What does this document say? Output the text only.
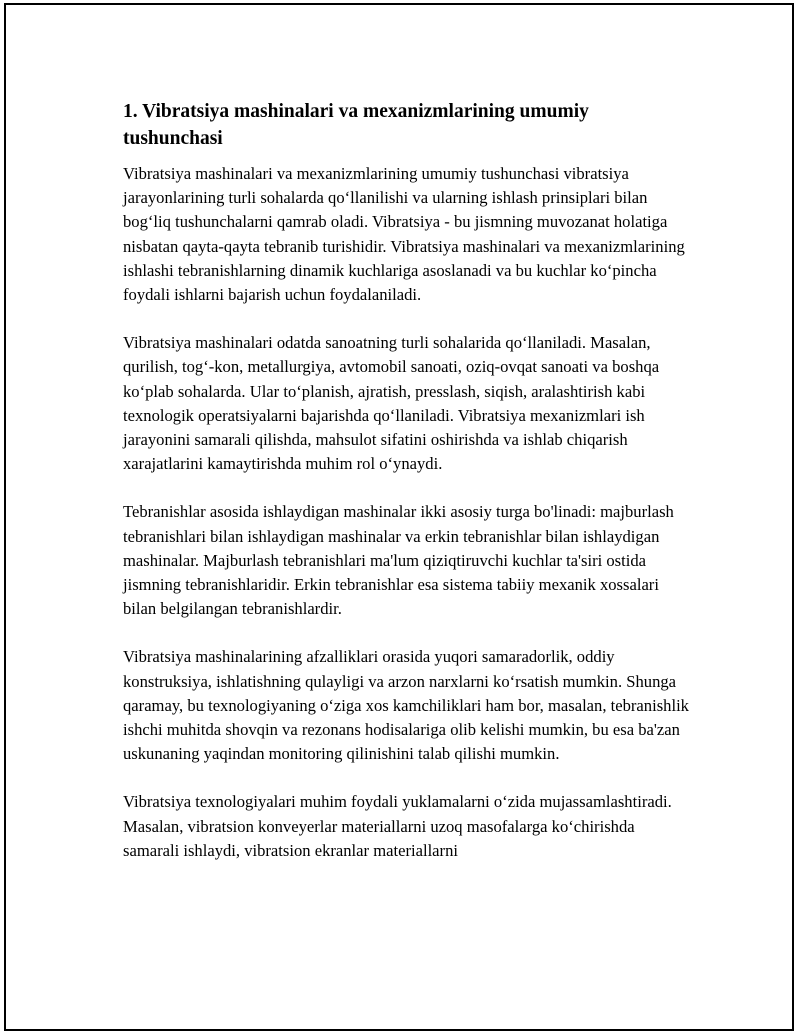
1. Vibratsiya mashinalari va mexanizmlarining umumiy tushunchasi

Vibratsiya mashinalari va mexanizmlarining umumiy tushunchasi vibratsiya jarayonlarining turli sohalarda qo‘llanilishi va ularning ishlash prinsiplari bilan bog‘liq tushunchalarni qamrab oladi. Vibratsiya - bu jismning muvozanat holatiga nisbatan qayta-qayta tebranib turishidir. Vibratsiya mashinalari va mexanizmlarining ishlashi tebranishlarning dinamik kuchlariga asoslanadi va bu kuchlar ko‘pincha foydali ishlarni bajarish uchun foydalaniladi.

Vibratsiya mashinalari odatda sanoatning turli sohalarida qo‘llaniladi. Masalan, qurilish, tog‘-kon, metallurgiya, avtomobil sanoati, oziq-ovqat sanoati va boshqa ko‘plab sohalarda. Ular to‘planish, ajratish, presslash, siqish, aralashtirish kabi texnologik operatsiyalarni bajarishda qo‘llaniladi. Vibratsiya mexanizmlari ish jarayonini samarali qilishda, mahsulot sifatini oshirishda va ishlab chiqarish xarajatlarini kamaytirishda muhim rol o‘ynaydi.

Tebranishlar asosida ishlaydigan mashinalar ikki asosiy turga bo'linadi: majburlash tebranishlari bilan ishlaydigan mashinalar va erkin tebranishlar bilan ishlaydigan mashinalar. Majburlash tebranishlari ma'lum qiziqtiruvchi kuchlar ta'siri ostida jismning tebranishlaridir. Erkin tebranishlar esa sistema tabiiy mexanik xossalari bilan belgilangan tebranishlardir.

Vibratsiya mashinalarining afzalliklari orasida yuqori samaradorlik, oddiy konstruksiya, ishlatishning qulayligi va arzon narxlarni ko‘rsatish mumkin. Shunga qaramay, bu texnologiyaning o‘ziga xos kamchiliklari ham bor, masalan, tebranishlik ishchi muhitda shovqin va rezonans hodisalariga olib kelishi mumkin, bu esa ba'zan uskunaning yaqindan monitoring qilinishini talab qilishi mumkin.

Vibratsiya texnologiyalari muhim foydali yuklamalarni o‘zida mujassamlashtiradi. Masalan, vibratsion konveyerlar materiallarni uzoq masofalarga ko‘chirishda samarali ishlaydi, vibratsion ekranlar materiallarni
